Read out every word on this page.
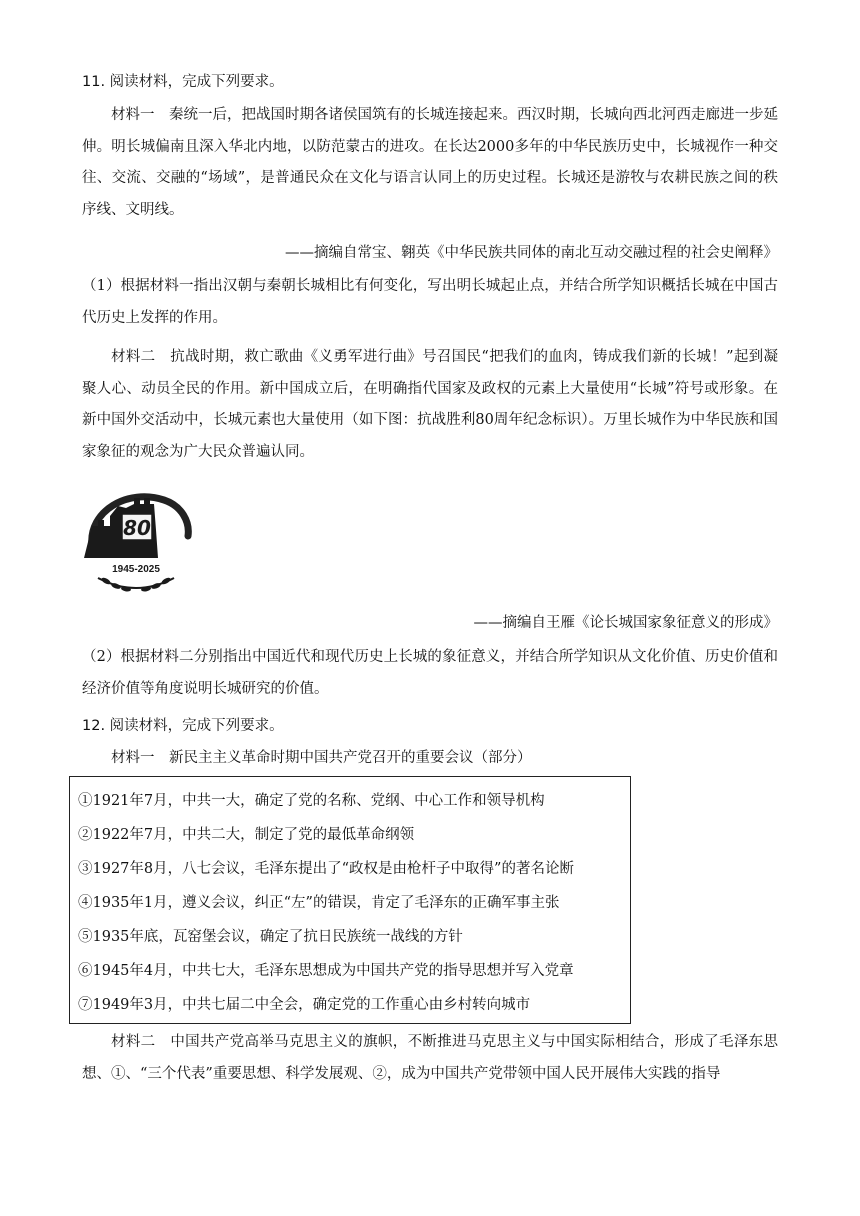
11. 阅读材料，完成下列要求。
材料一　秦统一后，把战国时期各诸侯国筑有的长城连接起来。西汉时期，长城向西北河西走廊进一步延伸。明长城偏南且深入华北内地，以防范蒙古的进攻。在长达2000多年的中华民族历史中，长城视作一种交往、交流、交融的“场域”，是普通民众在文化与语言认同上的历史过程。长城还是游牧与农耕民族之间的秩序线、文明线。
——摘编自常宝、翱英《中华民族共同体的南北互动交融过程的社会史阐释》
（1）根据材料一指出汉朝与秦朝长城相比有何变化，写出明长城起止点，并结合所学知识概括长城在中国古代历史上发挥的作用。
材料二　抗战时期，救亡歌曲《义勇军进行曲》号召国民“把我们的血肉，铸成我们新的长城！”起到凝聚人心、动员全民的作用。新中国成立后，在明确指代国家及政权的元素上大量使用“长城”符号或形象。在新中国外交活动中，长城元素也大量使用（如下图：抗战胜利80周年纪念标识）。万里长城作为中华民族和国家象征的观念为广大民众普遍认同。
80
1945-2025
——摘编自王雁《论长城国家象征意义的形成》
（2）根据材料二分别指出中国近代和现代历史上长城的象征意义，并结合所学知识从文化价值、历史价值和经济价值等角度说明长城研究的价值。
12. 阅读材料，完成下列要求。
材料一　新民主主义革命时期中国共产党召开的重要会议（部分）
①1921年7月，中共一大，确定了党的名称、党纲、中心工作和领导机构
②1922年7月，中共二大，制定了党的最低革命纲领
③1927年8月，八七会议，毛泽东提出了“政权是由枪杆子中取得”的著名论断
④1935年1月，遵义会议，纠正“左”的错误，肯定了毛泽东的正确军事主张
⑤1935年底，瓦窑堡会议，确定了抗日民族统一战线的方针
⑥1945年4月，中共七大，毛泽东思想成为中国共产党的指导思想并写入党章
⑦1949年3月，中共七届二中全会，确定党的工作重心由乡村转向城市
材料二　中国共产党高举马克思主义的旗帜，不断推进马克思主义与中国实际相结合，形成了毛泽东思想、①、“三个代表”重要思想、科学发展观、②，成为中国共产党带领中国人民开展伟大实践的指导
